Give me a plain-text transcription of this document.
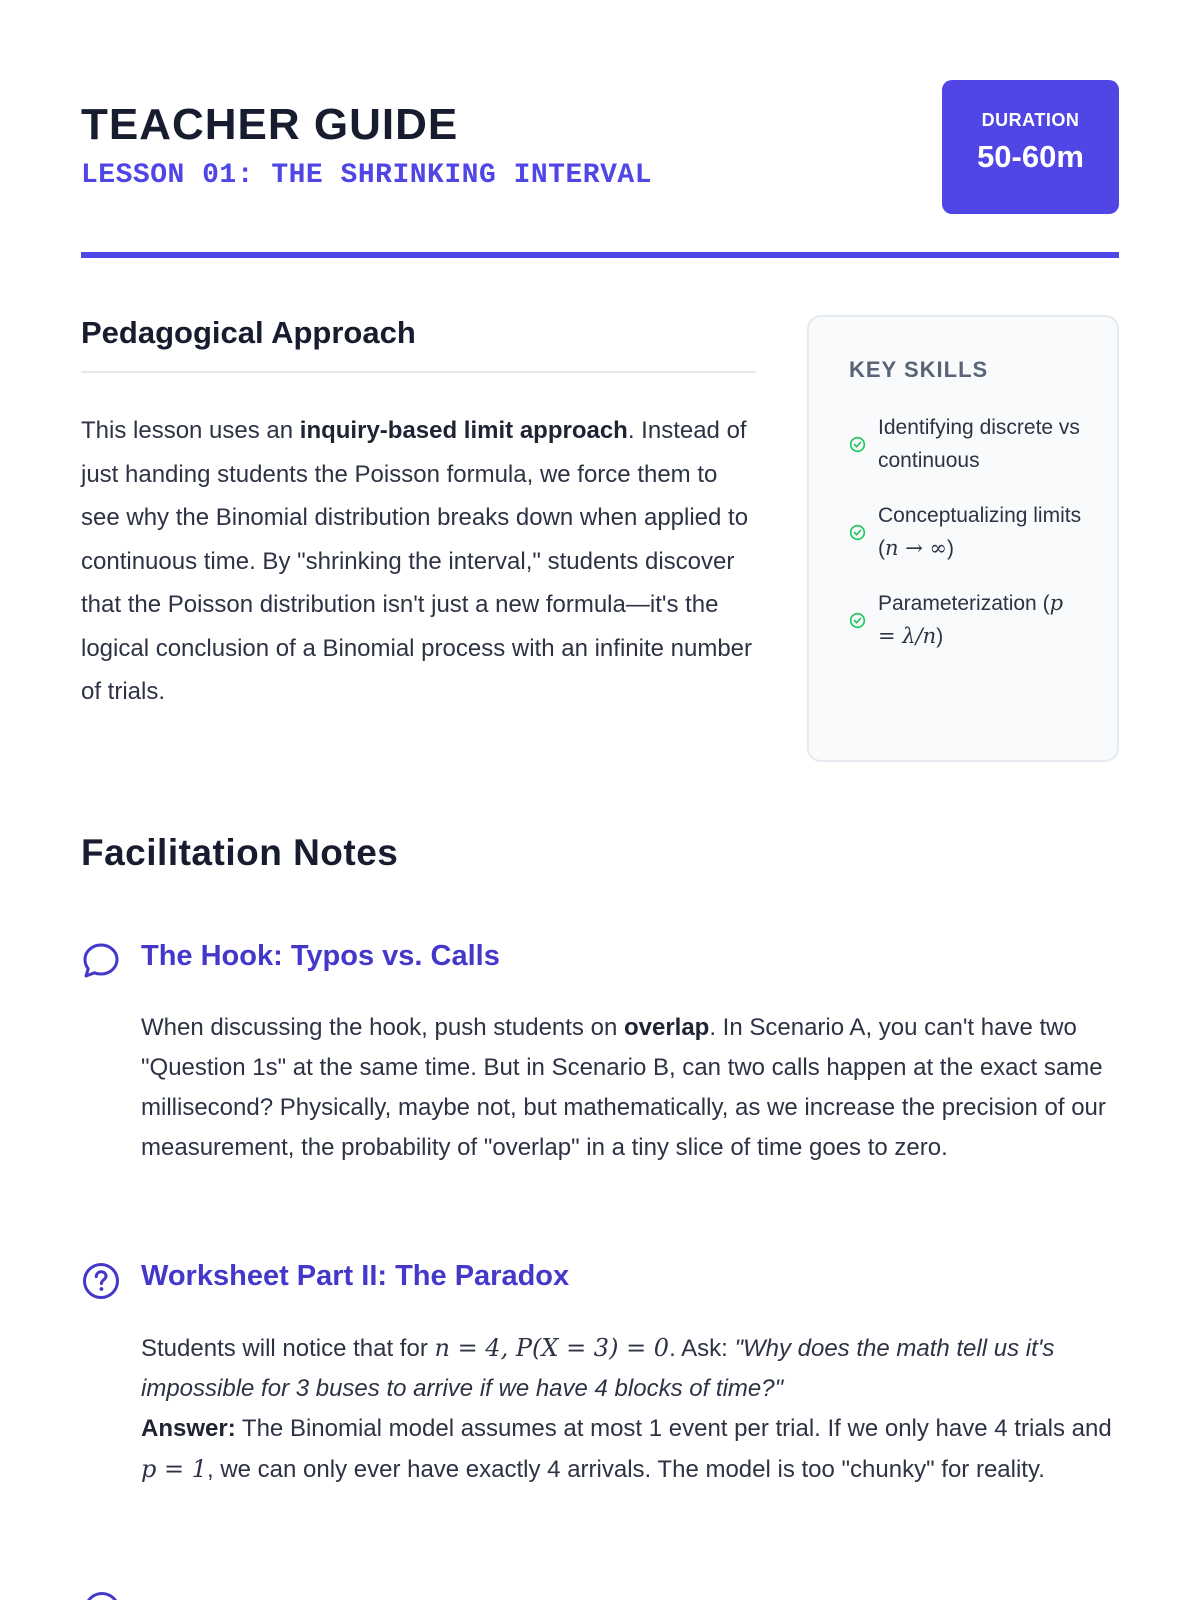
TEACHER GUIDE
LESSON 01: THE SHRINKING INTERVAL
DURATION
50-60m
Pedagogical Approach

This lesson uses an inquiry-based limit approach. Instead of just handing students the Poisson formula, we force them to see why the Binomial distribution breaks down when applied to continuous time. By "shrinking the interval," students discover that the Poisson distribution isn't just a new formula—it's the logical conclusion of a Binomial process with an infinite number of trials.

KEY SKILLS
Identifying discrete vs continuous
Conceptualizing limits (n → ∞)
Parameterization (p = λ/n)
Facilitation Notes
The Hook: Typos vs. Calls
When discussing the hook, push students on overlap. In Scenario A, you can't have two "Question 1s" at the same time. But in Scenario B, can two calls happen at the exact same millisecond? Physically, maybe not, but mathematically, as we increase the precision of our measurement, the probability of "overlap" in a tiny slice of time goes to zero.
Worksheet Part II: The Paradox
Students will notice that for n = 4, P(X = 3) = 0. Ask: "Why does the math tell us it's impossible for 3 buses to arrive if we have 4 blocks of time?"
Answer: The Binomial model assumes at most 1 event per trial. If we only have 4 trials and p = 1, we can only ever have exactly 4 arrivals. The model is too "chunky" for reality.
